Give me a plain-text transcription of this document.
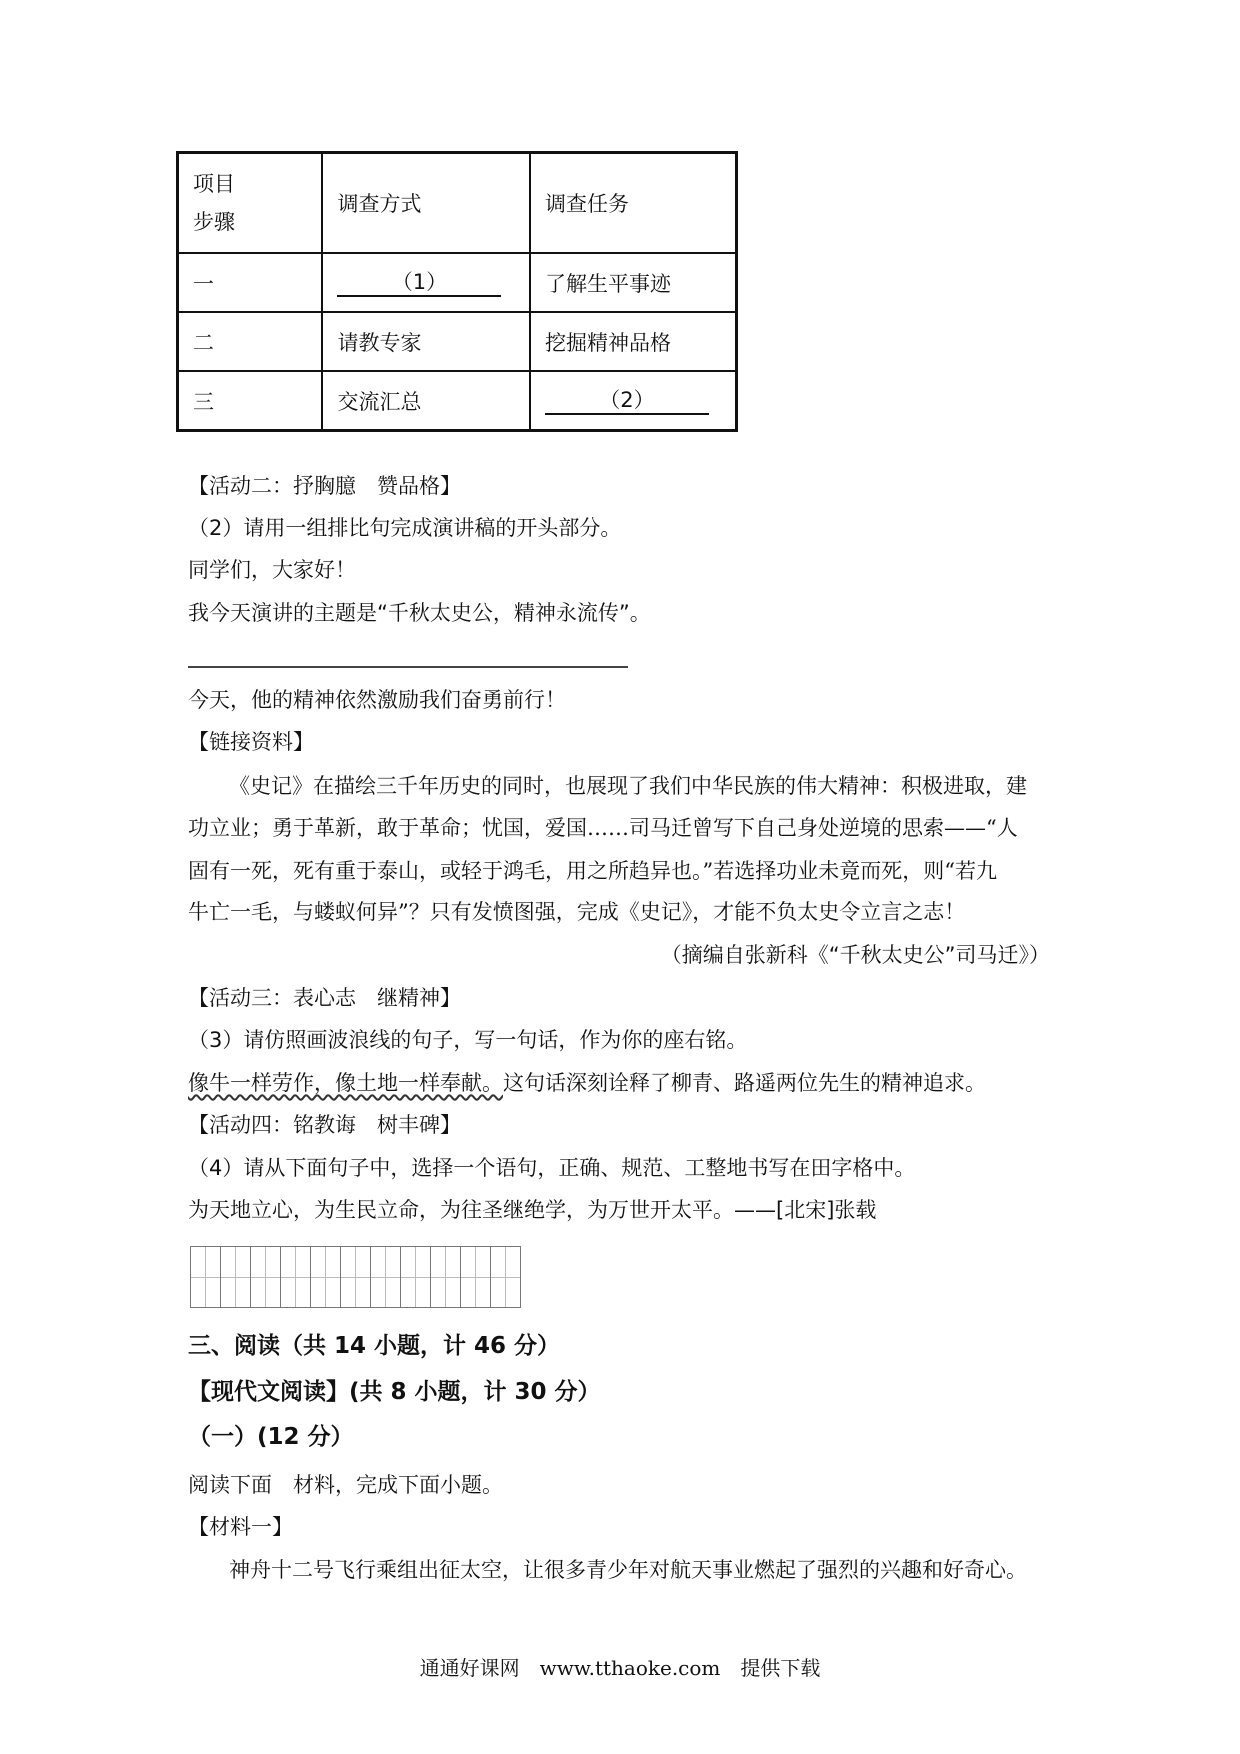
项目
步骤	调查方式	调查任务
一	（1）	了解生平事迹
二	请教专家	挖掘精神品格
三	交流汇总	（2）
【活动二：抒胸臆　赞品格】
（2）请用一组排比句完成演讲稿的开头部分。
同学们，大家好！
我今天演讲的主题是“千秋太史公，精神永流传”。
今天，他的精神依然激励我们奋勇前行！
【链接资料】
《史记》在描绘三千年历史的同时，也展现了我们中华民族的伟大精神：积极进取，建
功立业；勇于革新，敢于革命；忧国，爱国……司马迁曾写下自己身处逆境的思索——“人
固有一死，死有重于泰山，或轻于鸿毛，用之所趋异也。”若选择功业未竟而死，则“若九
牛亡一毛，与蝼蚁何异”？只有发愤图强，完成《史记》，才能不负太史令立言之志！
（摘编自张新科《“千秋太史公”司马迁》）
【活动三：表心志　继精神】
（3）请仿照画波浪线的句子，写一句话，作为你的座右铭。
像牛一样劳作，像土地一样奉献。这句话深刻诠释了柳青、路遥两位先生的精神追求。
【活动四：铭教诲　树丰碑】
（4）请从下面句子中，选择一个语句，正确、规范、工整地书写在田字格中。
为天地立心，为生民立命，为往圣继绝学，为万世开太平。——[北宋]张载
三、阅读（共 14 小题，计 46 分）
【现代文阅读】(共 8 小题，计 30 分）
（一）(12 分）
阅读下面　材料，完成下面小题。
【材料一】
神舟十二号飞行乘组出征太空，让很多青少年对航天事业燃起了强烈的兴趣和好奇心。
通通好课网　www.tthaoke.com　提供下载
